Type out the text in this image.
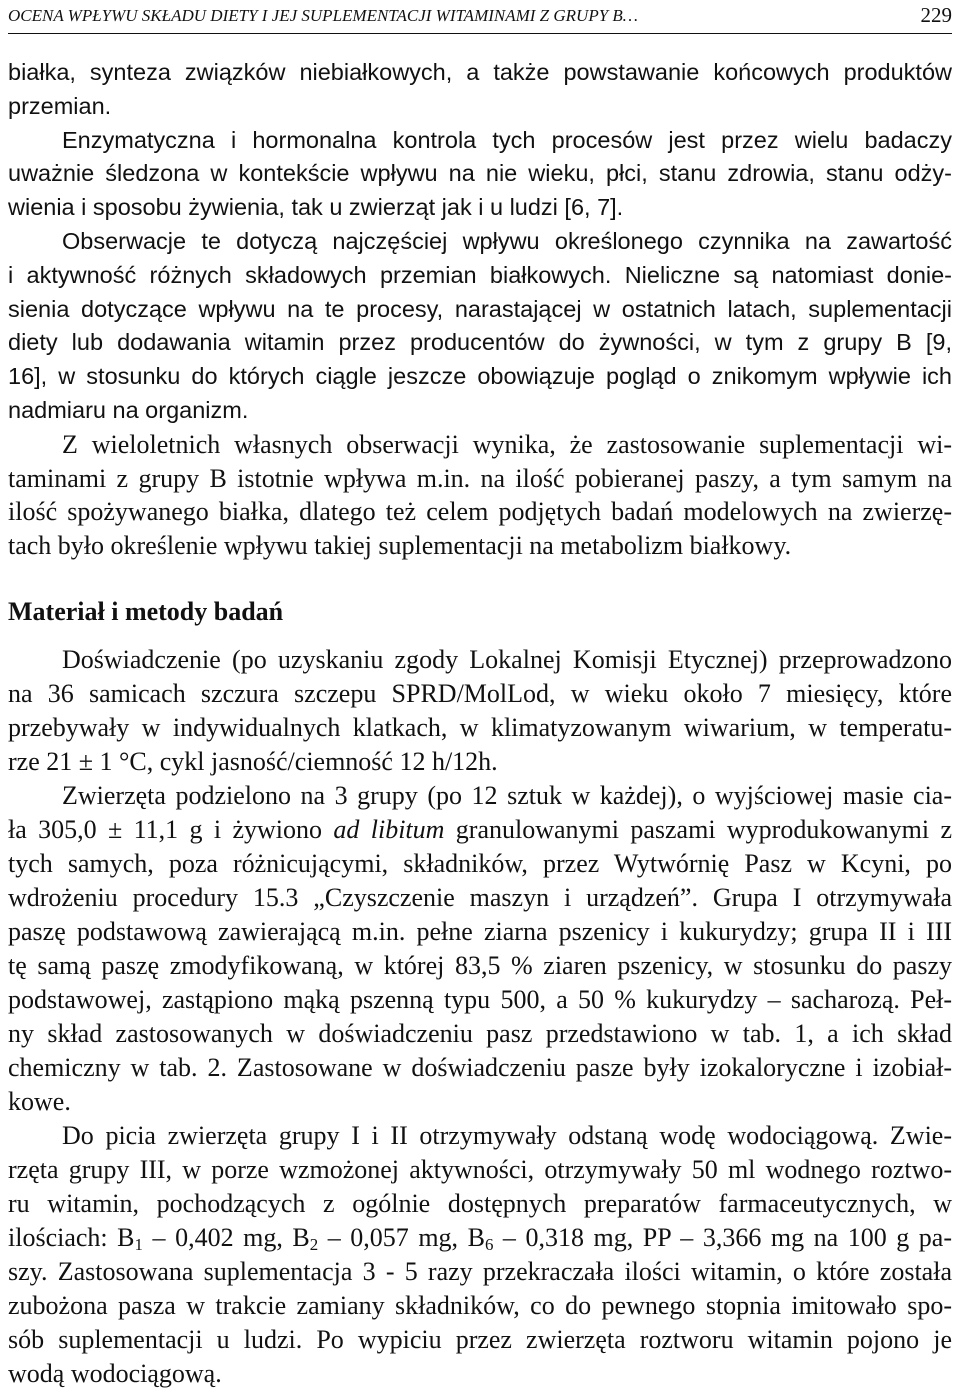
OCENA WPŁYWU SKŁADU DIETY I JEJ SUPLEMENTACJI WITAMINAMI Z GRUPY B…	229
białka, synteza związków niebiałkowych, a także powstawanie końcowych produktów
przemian.
Enzymatyczna i hormonalna kontrola tych procesów jest przez wielu badaczy
uważnie śledzona w kontekście wpływu na nie wieku, płci, stanu zdrowia, stanu odży-
wienia i sposobu żywienia, tak u zwierząt jak i u ludzi [6, 7].
Obserwacje te dotyczą najczęściej wpływu określonego czynnika na zawartość
i aktywność różnych składowych przemian białkowych. Nieliczne są natomiast donie-
sienia dotyczące wpływu na te procesy, narastającej w ostatnich latach, suplementacji
diety lub dodawania witamin przez producentów do żywności, w tym z grupy B [9,
16], w stosunku do których ciągle jeszcze obowiązuje pogląd o znikomym wpływie ich
nadmiaru na organizm.
Z wieloletnich własnych obserwacji wynika, że zastosowanie suplementacji wi-
taminami z grupy B istotnie wpływa m.in. na ilość pobieranej paszy, a tym samym na
ilość spożywanego białka, dlatego też celem podjętych badań modelowych na zwierzę-
tach było określenie wpływu takiej suplementacji na metabolizm białkowy.
Materiał i metody badań
Doświadczenie (po uzyskaniu zgody Lokalnej Komisji Etycznej) przeprowadzono
na 36 samicach szczura szczepu SPRD/MolLod, w wieku około 7 miesięcy, które
przebywały w indywidualnych klatkach, w klimatyzowanym wiwarium, w temperatu-
rze 21 ± 1 °C, cykl jasność/ciemność 12 h/12h.
Zwierzęta podzielono na 3 grupy (po 12 sztuk w każdej), o wyjściowej masie cia-
ła 305,0 ± 11,1 g i żywiono ad libitum granulowanymi paszami wyprodukowanymi z
tych samych, poza różnicującymi, składników, przez Wytwórnię Pasz w Kcyni, po
wdrożeniu procedury 15.3 „Czyszczenie maszyn i urządzeń”. Grupa I otrzymywała
paszę podstawową zawierającą m.in. pełne ziarna pszenicy i kukurydzy; grupa II i III
tę samą paszę zmodyfikowaną, w której 83,5 % ziaren pszenicy, w stosunku do paszy
podstawowej, zastąpiono mąką pszenną typu 500, a 50 % kukurydzy – sacharozą. Peł-
ny skład zastosowanych w doświadczeniu pasz przedstawiono w tab. 1, a ich skład
chemiczny w tab. 2. Zastosowane w doświadczeniu pasze były izokaloryczne i izobiał-
kowe.
Do picia zwierzęta grupy I i II otrzymywały odstaną wodę wodociągową. Zwie-
rzęta grupy III, w porze wzmożonej aktywności, otrzymywały 50 ml wodnego roztwo-
ru witamin, pochodzących z ogólnie dostępnych preparatów farmaceutycznych, w
ilościach: $B_1 - 0,402$ mg, $B_2 - 0,057$ mg, $B_6 - 0,318$ mg, PP – 3,366 mg na 100 g pa-
szy. Zastosowana suplementacja 3 - 5 razy przekraczała ilości witamin, o które została
zubożona pasza w trakcie zamiany składników, co do pewnego stopnia imitowało spo-
sób suplementacji u ludzi. Po wypiciu przez zwierzęta roztworu witamin pojono je
wodą wodociągową.
